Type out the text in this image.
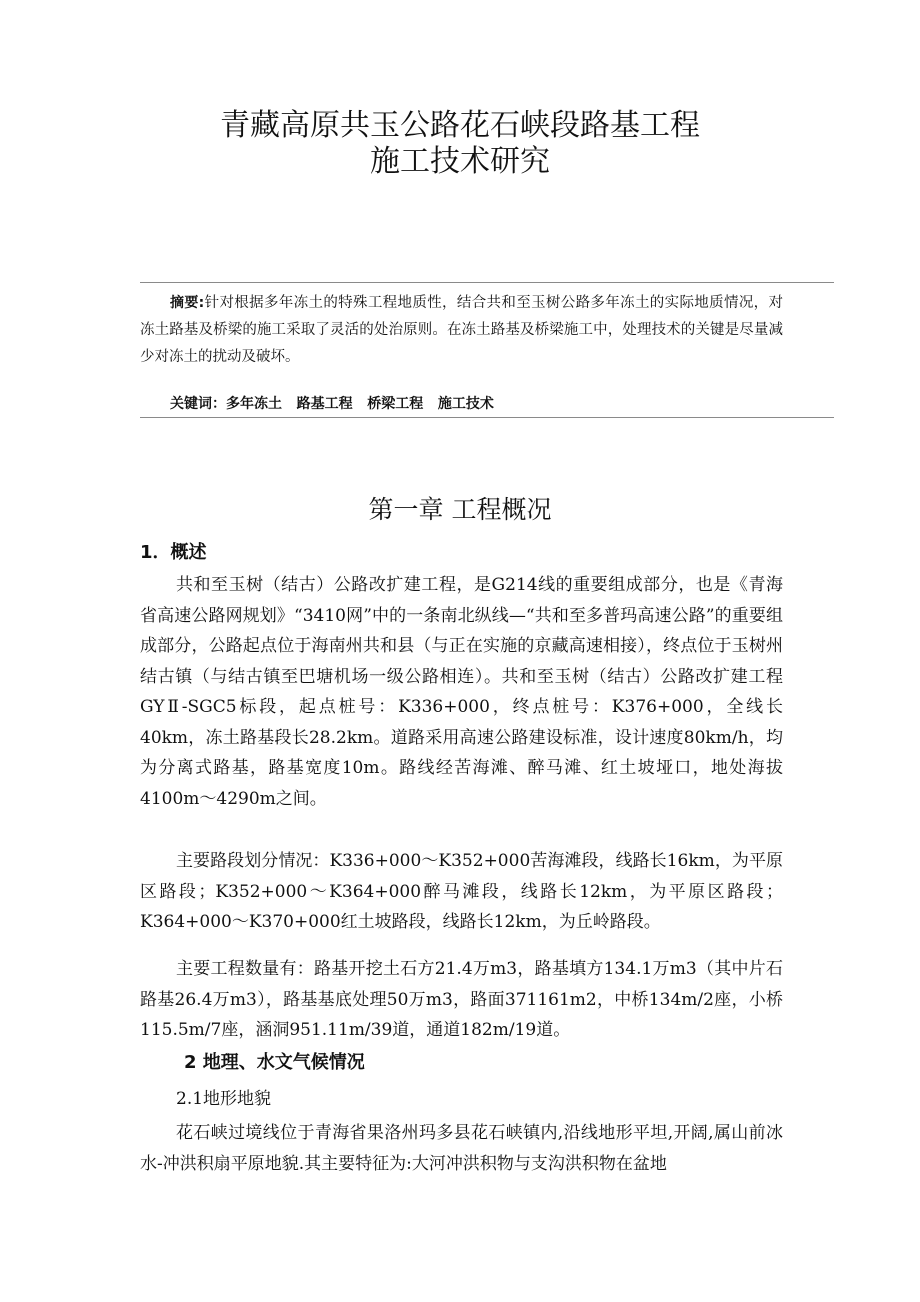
青藏高原共玉公路花石峡段路基工程
施工技术研究
摘要:针对根据多年冻土的特殊工程地质性，结合共和至玉树公路多年冻土的实际地质情况，对冻土路基及桥梁的施工采取了灵活的处治原则。在冻土路基及桥梁施工中，处理技术的关键是尽量减少对冻土的扰动及破坏。
关键词：多年冻土   路基工程   桥梁工程   施工技术
第一章 工程概况
1．概述
共和至玉树（结古）公路改扩建工程，是G214线的重要组成部分，也是《青海省高速公路网规划》“3410网”中的一条南北纵线—“共和至多普玛高速公路”的重要组成部分，公路起点位于海南州共和县（与正在实施的京藏高速相接），终点位于玉树州结古镇（与结古镇至巴塘机场一级公路相连）。共和至玉树（结古）公路改扩建工程GYⅡ-SGC5标段，起点桩号：K336+000，终点桩号：K376+000，全线长40km，冻土路基段长28.2km。道路采用高速公路建设标准，设计速度80km/h，均为分离式路基，路基宽度10m。路线经苦海滩、醉马滩、红土坡垭口，地处海拔4100m～4290m之间。
主要路段划分情况：K336+000～K352+000苦海滩段，线路长16km，为平原区路段；K352+000～K364+000醉马滩段，线路长12km，为平原区路段；K364+000～K370+000红土坡路段，线路长12km，为丘岭路段。
主要工程数量有：路基开挖土石方21.4万m3，路基填方134.1万m3（其中片石路基26.4万m3），路基基底处理50万m3，路面371161m2，中桥134m/2座，小桥115.5m/7座，涵洞951.11m/39道，通道182m/19道。
2 地理、水文气候情况
2.1地形地貌
花石峡过境线位于青海省果洛州玛多县花石峡镇内,沿线地形平坦,开阔,属山前冰水-冲洪积扇平原地貌.其主要特征为:大河冲洪积物与支沟洪积物在盆地
